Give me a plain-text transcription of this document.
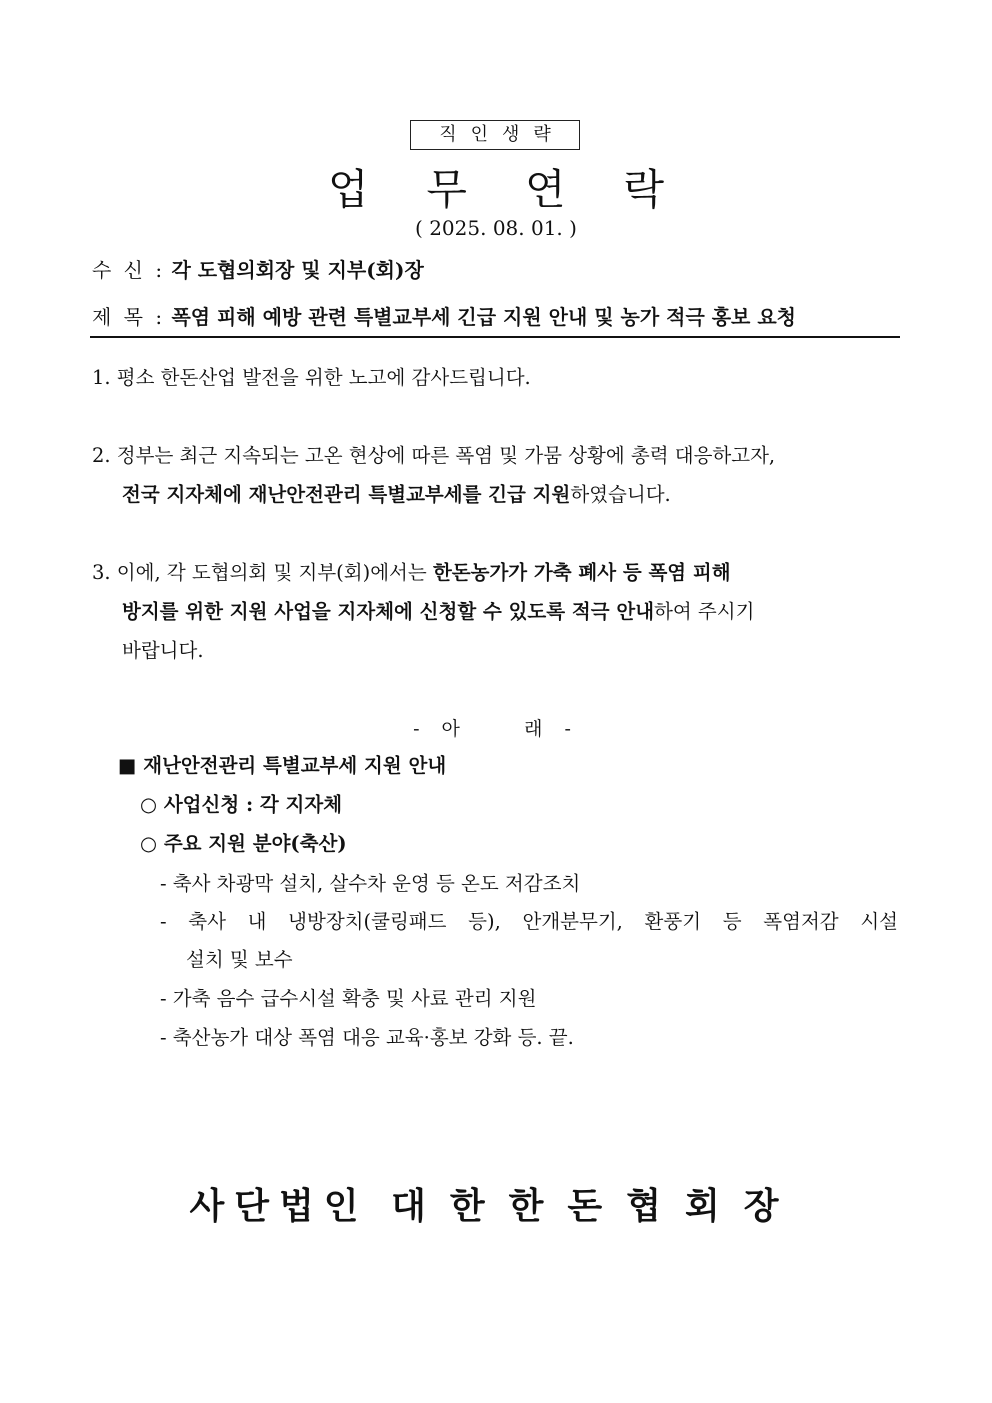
직인생략
업무연락
( 2025. 08. 01. )
수 신 : 각 도협의회장 및 지부(회)장
제 목 : 폭염 피해 예방 관련 특별교부세 긴급 지원 안내 및 농가 적극 홍보 요청
1. 평소 한돈산업 발전을 위한 노고에 감사드립니다.
2. 정부는 최근 지속되는 고온 현상에 따른 폭염 및 가뭄 상황에 총력 대응하고자,
전국 지자체에 재난안전관리 특별교부세를 긴급 지원하였습니다.
3. 이에, 각 도협의회 및 지부(회)에서는 한돈농가가 가축 폐사 등 폭염 피해
방지를 위한 지원 사업을 지자체에 신청할 수 있도록 적극 안내하여 주시기
바랍니다.
- 아    래 -
■ 재난안전관리 특별교부세 지원 안내
○ 사업신청 : 각 지자체
○ 주요 지원 분야(축산)
- 축사 차광막 설치, 살수차 운영 등 온도 저감조치
- 축사 내 냉방장치(쿨링패드 등), 안개분무기, 환풍기 등 폭염저감 시설
설치 및 보수
- 가축 음수 급수시설 확충 및 사료 관리 지원
- 축산농가 대상 폭염 대응 교육·홍보 강화 등. 끝.
사단법인 대한한돈협회장
